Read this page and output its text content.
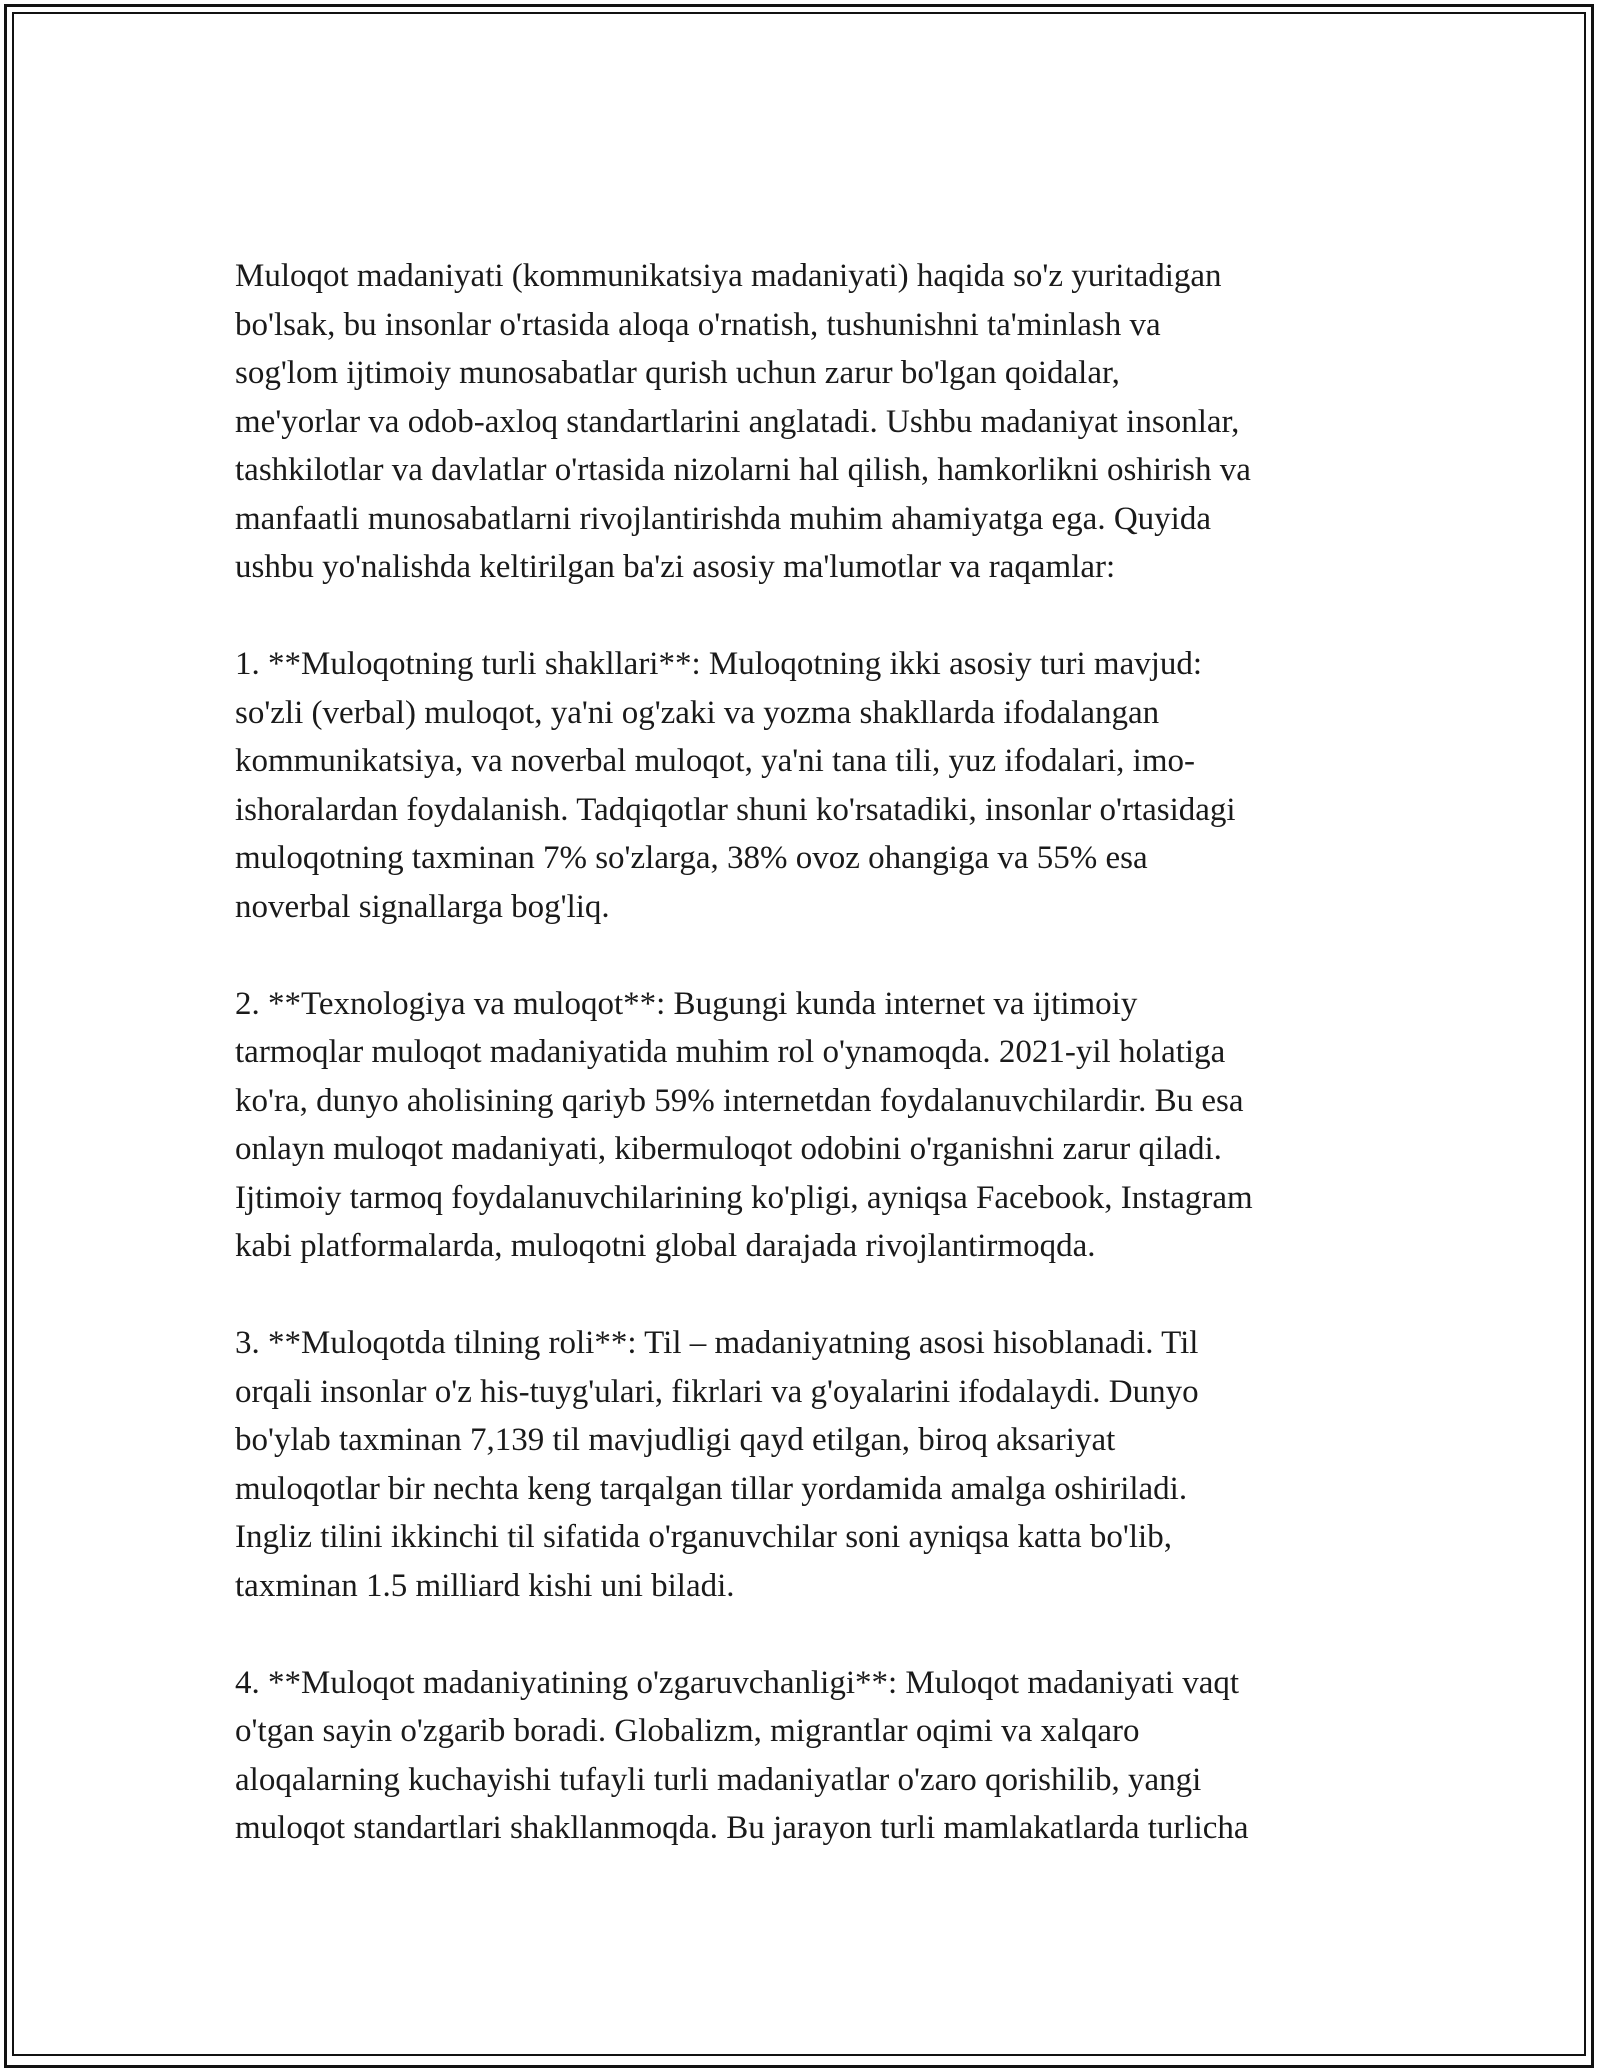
Muloqot madaniyati (kommunikatsiya madaniyati) haqida so'z yuritadigan
bo'lsak, bu insonlar o'rtasida aloqa o'rnatish, tushunishni ta'minlash va
sog'lom ijtimoiy munosabatlar qurish uchun zarur bo'lgan qoidalar,
me'yorlar va odob-axloq standartlarini anglatadi. Ushbu madaniyat insonlar,
tashkilotlar va davlatlar o'rtasida nizolarni hal qilish, hamkorlikni oshirish va
manfaatli munosabatlarni rivojlantirishda muhim ahamiyatga ega. Quyida
ushbu yo'nalishda keltirilgan ba'zi asosiy ma'lumotlar va raqamlar:

1. **Muloqotning turli shakllari**: Muloqotning ikki asosiy turi mavjud:
so'zli (verbal) muloqot, ya'ni og'zaki va yozma shakllarda ifodalangan
kommunikatsiya, va noverbal muloqot, ya'ni tana tili, yuz ifodalari, imo-
ishoralardan foydalanish. Tadqiqotlar shuni ko'rsatadiki, insonlar o'rtasidagi
muloqotning taxminan 7% so'zlarga, 38% ovoz ohangiga va 55% esa
noverbal signallarga bog'liq.

2. **Texnologiya va muloqot**: Bugungi kunda internet va ijtimoiy
tarmoqlar muloqot madaniyatida muhim rol o'ynamoqda. 2021-yil holatiga
ko'ra, dunyo aholisining qariyb 59% internetdan foydalanuvchilardir. Bu esa
onlayn muloqot madaniyati, kibermuloqot odobini o'rganishni zarur qiladi.
Ijtimoiy tarmoq foydalanuvchilarining ko'pligi, ayniqsa Facebook, Instagram
kabi platformalarda, muloqotni global darajada rivojlantirmoqda.

3. **Muloqotda tilning roli**: Til – madaniyatning asosi hisoblanadi. Til
orqali insonlar o'z his-tuyg'ulari, fikrlari va g'oyalarini ifodalaydi. Dunyo
bo'ylab taxminan 7,139 til mavjudligi qayd etilgan, biroq aksariyat
muloqotlar bir nechta keng tarqalgan tillar yordamida amalga oshiriladi.
Ingliz tilini ikkinchi til sifatida o'rganuvchilar soni ayniqsa katta bo'lib,
taxminan 1.5 milliard kishi uni biladi.

4. **Muloqot madaniyatining o'zgaruvchanligi**: Muloqot madaniyati vaqt
o'tgan sayin o'zgarib boradi. Globalizm, migrantlar oqimi va xalqaro
aloqalarning kuchayishi tufayli turli madaniyatlar o'zaro qorishilib, yangi
muloqot standartlari shakllanmoqda. Bu jarayon turli mamlakatlarda turlicha
